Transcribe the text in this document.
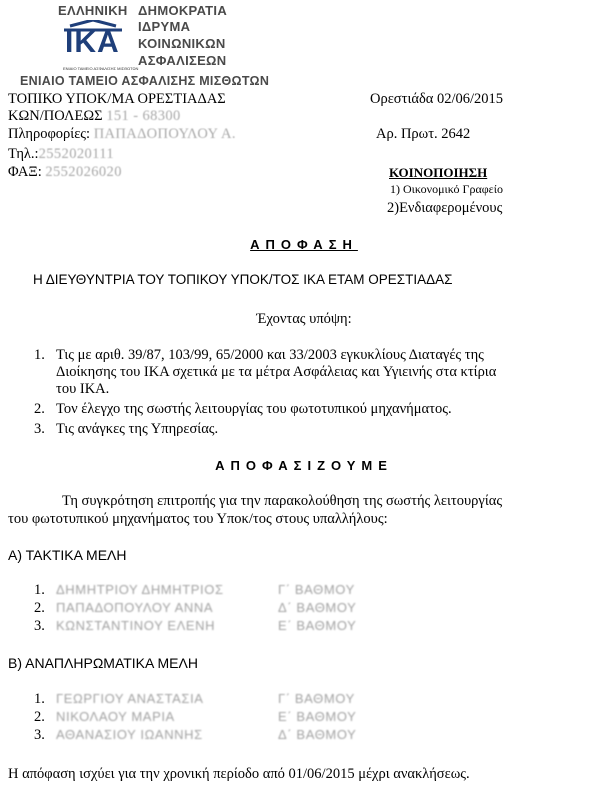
ΕΛΛΗΝΙΚΗ ΔΗΜΟΚΡΑΤΙΑ
ΙΚΑ
ΕΝΙΑΙΟ ΤΑΜΕΙΟ ΑΣΦΑΛΙΣΗΣ ΜΙΣΘΩΤΩΝ
ΙΔΡΥΜΑ
ΚΟΙΝΩΝΙΚΩΝ
ΑΣΦΑΛΙΣΕΩΝ
ΕΝΙΑΙΟ ΤΑΜΕΙΟ ΑΣΦΑΛΙΣΗΣ ΜΙΣΘΩΤΩΝ
ΤΟΠΙΚΟ ΥΠΟΚ/ΜΑ ΟΡΕΣΤΙΑΔΑΣ
ΚΩΝ/ΠΟΛΕΩΣ 151 - 68300
Πληροφορίες: ΠΑΠΑΔΟΠΟΥΛΟΥ Α.
Τηλ.:2552020111
ΦΑΞ: 2552026020
Ορεστιάδα 02/06/2015
Αρ. Πρωτ. 2642
ΚΟΙΝΟΠΟΙΗΣΗ
1) Οικονομικό Γραφείο
2)Ενδιαφερομένους
ΑΠΟΦΑΣΗ
Η ΔΙΕΥΘΥΝΤΡΙΑ ΤΟΥ ΤΟΠΙΚΟΥ ΥΠΟΚ/ΤΟΣ ΙΚΑ ΕΤΑΜ ΟΡΕΣΤΙΑΔΑΣ
Έχοντας υπόψη:
1. Τις με αριθ. 39/87, 103/99, 65/2000 και 33/2003 εγκυκλίους Διαταγές της
Διοίκησης του ΙΚΑ σχετικά με τα μέτρα Ασφάλειας και Υγιεινής στα κτίρια
του ΙΚΑ.
2. Τον έλεγχο της σωστής λειτουργίας του φωτοτυπικού μηχανήματος.
3. Τις ανάγκες της Υπηρεσίας.
ΑΠΟΦΑΣΙΖΟΥΜΕ
Τη συγκρότηση επιτροπής για την παρακολούθηση της σωστής λειτουργίας
του φωτοτυπικού μηχανήματος του Υποκ/τος στους υπαλλήλους:
Α) ΤΑΚΤΙΚΑ ΜΕΛΗ
1. ΔΗΜΗΤΡΙΟΥ ΔΗΜΗΤΡΙΟΣ	Γ΄ ΒΑΘΜΟΥ
2. ΠΑΠΑΔΟΠΟΥΛΟΥ ΑΝΝΑ	Δ΄ ΒΑΘΜΟΥ
3. ΚΩΝΣΤΑΝΤΙΝΟΥ ΕΛΕΝΗ	Ε΄ ΒΑΘΜΟΥ
Β) ΑΝΑΠΛΗΡΩΜΑΤΙΚΑ ΜΕΛΗ
1. ΓΕΩΡΓΙΟΥ ΑΝΑΣΤΑΣΙΑ	Γ΄ ΒΑΘΜΟΥ
2. ΝΙΚΟΛΑΟΥ ΜΑΡΙΑ	Ε΄ ΒΑΘΜΟΥ
3. ΑΘΑΝΑΣΙΟΥ ΙΩΑΝΝΗΣ	Δ΄ ΒΑΘΜΟΥ
Η απόφαση ισχύει για την χρονική περίοδο από 01/06/2015 μέχρι ανακλήσεως.
